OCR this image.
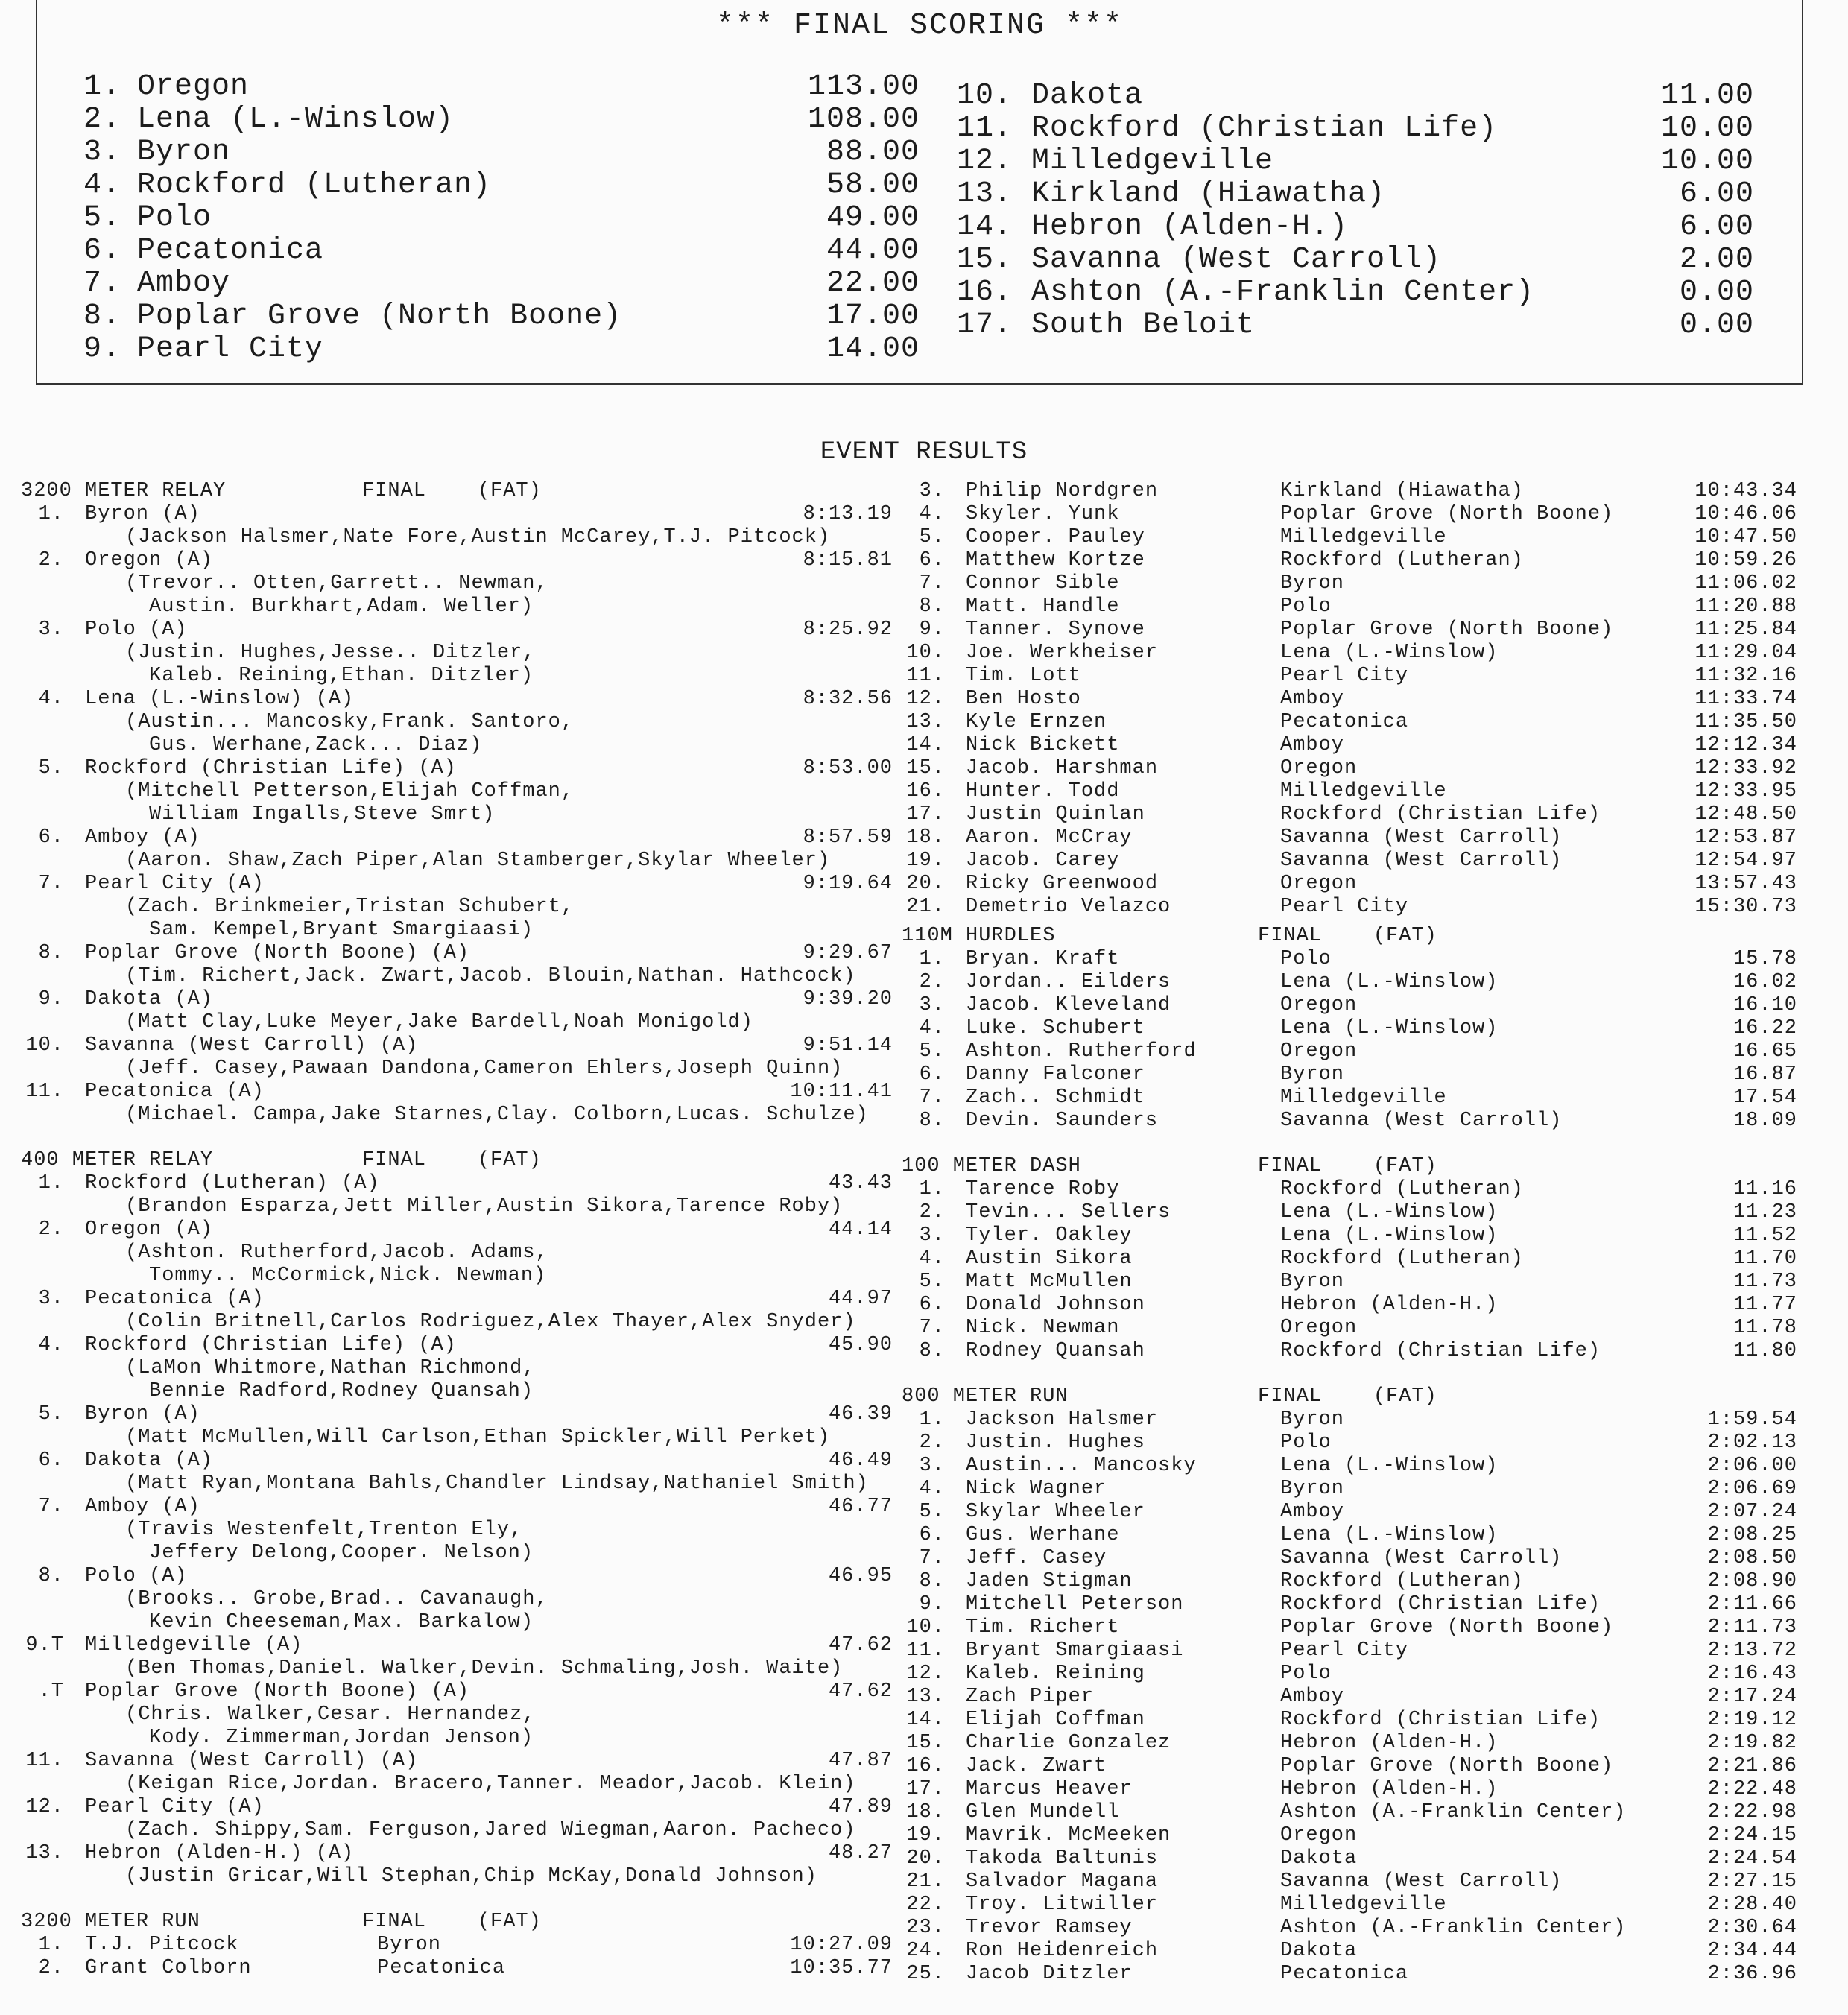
*** FINAL SCORING ***
1. Oregon	113.00
2. Lena (L.-Winslow)	108.00
3. Byron	88.00
4. Rockford (Lutheran)	58.00
5. Polo	49.00
6. Pecatonica	44.00
7. Amboy	22.00
8. Poplar Grove (North Boone)	17.00
9. Pearl City	14.00
10. Dakota	11.00
11. Rockford (Christian Life)	10.00
12. Milledgeville	10.00
13. Kirkland (Hiawatha)	6.00
14. Hebron (Alden-H.)	6.00
15. Savanna (West Carroll)	2.00
16. Ashton (A.-Franklin Center)	0.00
17. South Beloit	0.00
EVENT RESULTS
3200 METER RELAY	FINAL    (FAT)
1. Byron (A)	8:13.19
(Jackson Halsmer,Nate Fore,Austin McCarey,T.J. Pitcock)
2. Oregon (A)	8:15.81
(Trevor.. Otten,Garrett.. Newman,
Austin. Burkhart,Adam. Weller)
3. Polo (A)	8:25.92
(Justin. Hughes,Jesse.. Ditzler,
Kaleb. Reining,Ethan. Ditzler)
4. Lena (L.-Winslow) (A)	8:32.56
(Austin... Mancosky,Frank. Santoro,
Gus. Werhane,Zack... Diaz)
5. Rockford (Christian Life) (A)	8:53.00
(Mitchell Petterson,Elijah Coffman,
William Ingalls,Steve Smrt)
6. Amboy (A)	8:57.59
(Aaron. Shaw,Zach Piper,Alan Stamberger,Skylar Wheeler)
7. Pearl City (A)	9:19.64
(Zach. Brinkmeier,Tristan Schubert,
Sam. Kempel,Bryant Smargiaasi)
8. Poplar Grove (North Boone) (A)	9:29.67
(Tim. Richert,Jack. Zwart,Jacob. Blouin,Nathan. Hathcock)
9. Dakota (A)	9:39.20
(Matt Clay,Luke Meyer,Jake Bardell,Noah Monigold)
10. Savanna (West Carroll) (A)	9:51.14
(Jeff. Casey,Pawaan Dandona,Cameron Ehlers,Joseph Quinn)
11. Pecatonica (A)	10:11.41
(Michael. Campa,Jake Starnes,Clay. Colborn,Lucas. Schulze)
400 METER RELAY	FINAL    (FAT)
1. Rockford (Lutheran) (A)	43.43
(Brandon Esparza,Jett Miller,Austin Sikora,Tarence Roby)
2. Oregon (A)	44.14
(Ashton. Rutherford,Jacob. Adams,
Tommy.. McCormick,Nick. Newman)
3. Pecatonica (A)	44.97
(Colin Britnell,Carlos Rodriguez,Alex Thayer,Alex Snyder)
4. Rockford (Christian Life) (A)	45.90
(LaMon Whitmore,Nathan Richmond,
Bennie Radford,Rodney Quansah)
5. Byron (A)	46.39
(Matt McMullen,Will Carlson,Ethan Spickler,Will Perket)
6. Dakota (A)	46.49
(Matt Ryan,Montana Bahls,Chandler Lindsay,Nathaniel Smith)
7. Amboy (A)	46.77
(Travis Westenfelt,Trenton Ely,
Jeffery Delong,Cooper. Nelson)
8. Polo (A)	46.95
(Brooks.. Grobe,Brad.. Cavanaugh,
Kevin Cheeseman,Max. Barkalow)
9.T Milledgeville (A)	47.62
(Ben Thomas,Daniel. Walker,Devin. Schmaling,Josh. Waite)
.T Poplar Grove (North Boone) (A)	47.62
(Chris. Walker,Cesar. Hernandez,
Kody. Zimmerman,Jordan Jenson)
11. Savanna (West Carroll) (A)	47.87
(Keigan Rice,Jordan. Bracero,Tanner. Meador,Jacob. Klein)
12. Pearl City (A)	47.89
(Zach. Shippy,Sam. Ferguson,Jared Wiegman,Aaron. Pacheco)
13. Hebron (Alden-H.) (A)	48.27
(Justin Gricar,Will Stephan,Chip McKay,Donald Johnson)
3200 METER RUN	FINAL    (FAT)
1. T.J. Pitcock	Byron	10:27.09
2. Grant Colborn	Pecatonica	10:35.77
3. Philip Nordgren	Kirkland (Hiawatha)	10:43.34
4. Skyler. Yunk	Poplar Grove (North Boone)	10:46.06
5. Cooper. Pauley	Milledgeville	10:47.50
6. Matthew Kortze	Rockford (Lutheran)	10:59.26
7. Connor Sible	Byron	11:06.02
8. Matt. Handle	Polo	11:20.88
9. Tanner. Synove	Poplar Grove (North Boone)	11:25.84
10. Joe. Werkheiser	Lena (L.-Winslow)	11:29.04
11. Tim. Lott	Pearl City	11:32.16
12. Ben Hosto	Amboy	11:33.74
13. Kyle Ernzen	Pecatonica	11:35.50
14. Nick Bickett	Amboy	12:12.34
15. Jacob. Harshman	Oregon	12:33.92
16. Hunter. Todd	Milledgeville	12:33.95
17. Justin Quinlan	Rockford (Christian Life)	12:48.50
18. Aaron. McCray	Savanna (West Carroll)	12:53.87
19. Jacob. Carey	Savanna (West Carroll)	12:54.97
20. Ricky Greenwood	Oregon	13:57.43
21. Demetrio Velazco	Pearl City	15:30.73
110M HURDLES	FINAL    (FAT)
1. Bryan. Kraft	Polo	15.78
2. Jordan.. Eilders	Lena (L.-Winslow)	16.02
3. Jacob. Kleveland	Oregon	16.10
4. Luke. Schubert	Lena (L.-Winslow)	16.22
5. Ashton. Rutherford	Oregon	16.65
6. Danny Falconer	Byron	16.87
7. Zach.. Schmidt	Milledgeville	17.54
8. Devin. Saunders	Savanna (West Carroll)	18.09
100 METER DASH	FINAL    (FAT)
1. Tarence Roby	Rockford (Lutheran)	11.16
2. Tevin... Sellers	Lena (L.-Winslow)	11.23
3. Tyler. Oakley	Lena (L.-Winslow)	11.52
4. Austin Sikora	Rockford (Lutheran)	11.70
5. Matt McMullen	Byron	11.73
6. Donald Johnson	Hebron (Alden-H.)	11.77
7. Nick. Newman	Oregon	11.78
8. Rodney Quansah	Rockford (Christian Life)	11.80
800 METER RUN	FINAL    (FAT)
1. Jackson Halsmer	Byron	1:59.54
2. Justin. Hughes	Polo	2:02.13
3. Austin... Mancosky	Lena (L.-Winslow)	2:06.00
4. Nick Wagner	Byron	2:06.69
5. Skylar Wheeler	Amboy	2:07.24
6. Gus. Werhane	Lena (L.-Winslow)	2:08.25
7. Jeff. Casey	Savanna (West Carroll)	2:08.50
8. Jaden Stigman	Rockford (Lutheran)	2:08.90
9. Mitchell Peterson	Rockford (Christian Life)	2:11.66
10. Tim. Richert	Poplar Grove (North Boone)	2:11.73
11. Bryant Smargiaasi	Pearl City	2:13.72
12. Kaleb. Reining	Polo	2:16.43
13. Zach Piper	Amboy	2:17.24
14. Elijah Coffman	Rockford (Christian Life)	2:19.12
15. Charlie Gonzalez	Hebron (Alden-H.)	2:19.82
16. Jack. Zwart	Poplar Grove (North Boone)	2:21.86
17. Marcus Heaver	Hebron (Alden-H.)	2:22.48
18. Glen Mundell	Ashton (A.-Franklin Center)	2:22.98
19. Mavrik. McMeeken	Oregon	2:24.15
20. Takoda Baltunis	Dakota	2:24.54
21. Salvador Magana	Savanna (West Carroll)	2:27.15
22. Troy. Litwiller	Milledgeville	2:28.40
23. Trevor Ramsey	Ashton (A.-Franklin Center)	2:30.64
24. Ron Heidenreich	Dakota	2:34.44
25. Jacob Ditzler	Pecatonica	2:36.96
